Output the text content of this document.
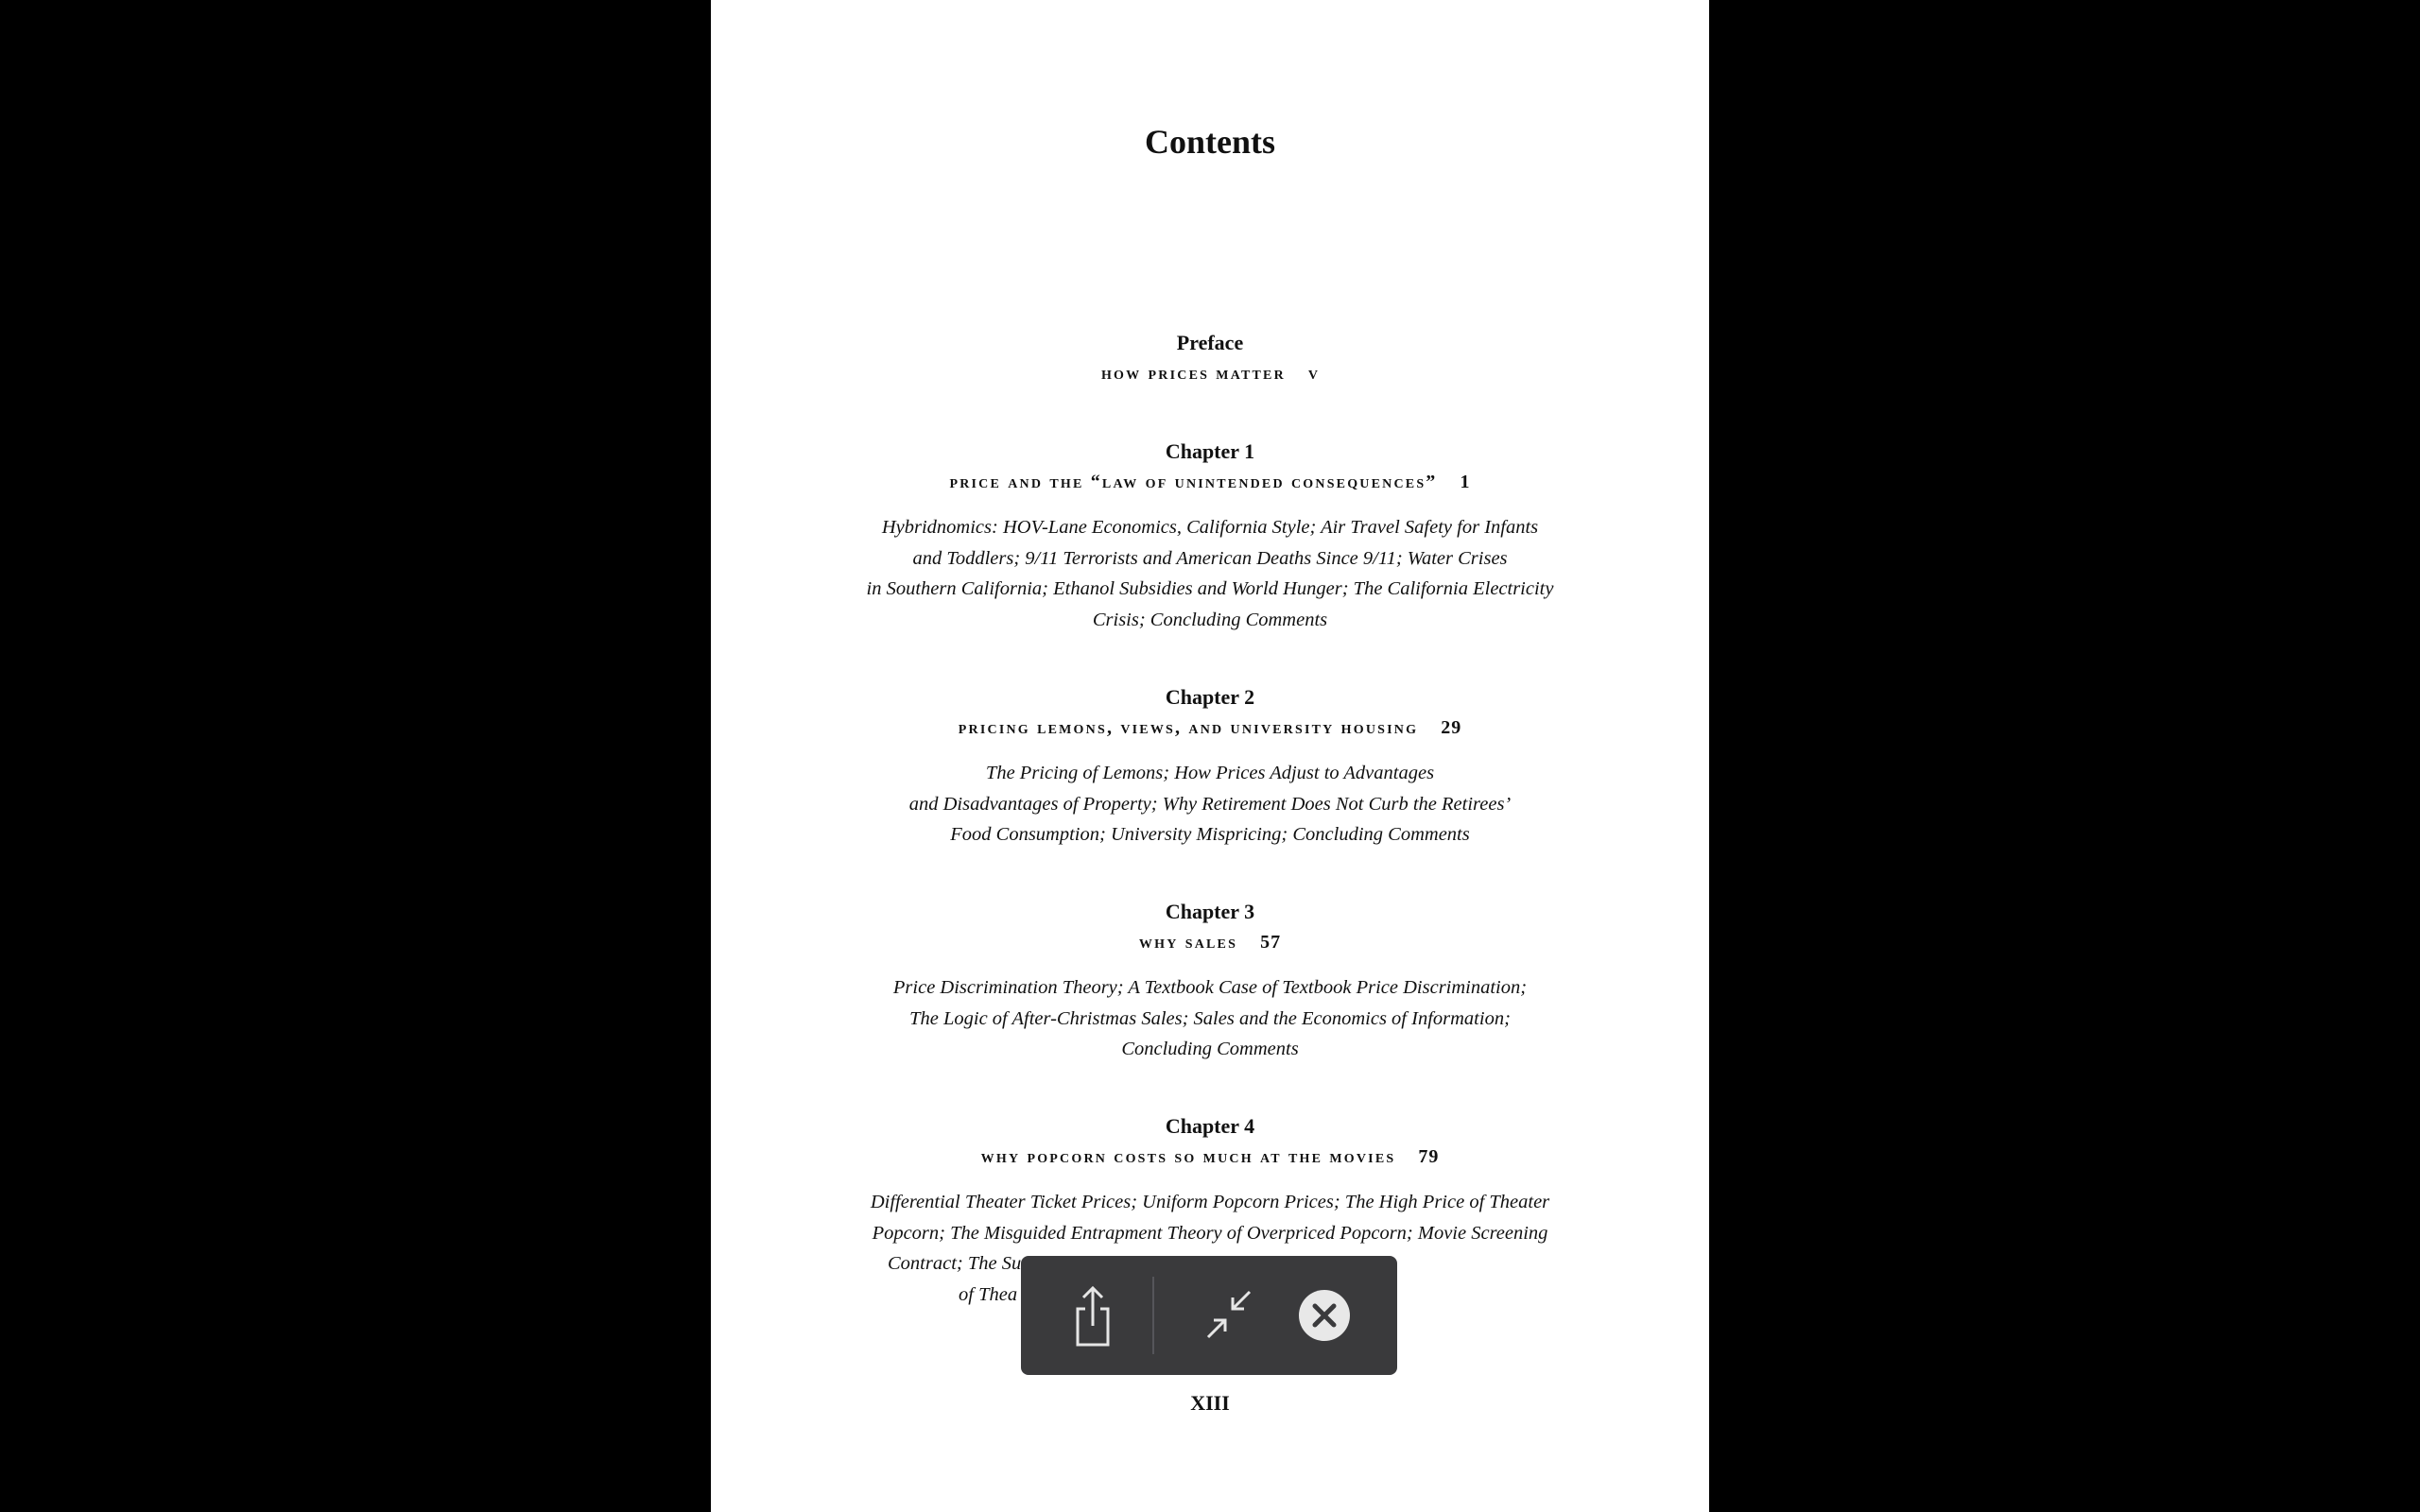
Contents
Preface
how prices matter v
Chapter 1
price and the “law of unintended consequences” 1
Hybridnomics: HOV-Lane Economics, California Style; Air Travel Safety for Infants
and Toddlers; 9/11 Terrorists and American Deaths Since 9/11; Water Crises
in Southern California; Ethanol Subsidies and World Hunger; The California Electricity
Crisis; Concluding Comments
Chapter 2
pricing lemons, views, and university housing 29
The Pricing of Lemons; How Prices Adjust to Advantages
and Disadvantages of Property; Why Retirement Does Not Curb the Retirees’
Food Consumption; University Mispricing; Concluding Comments
Chapter 3
why sales 57
Price Discrimination Theory; A Textbook Case of Textbook Price Discrimination;
The Logic of After-Christmas Sales; Sales and the Economics of Information;
Concluding Comments
Chapter 4
why popcorn costs so much at the movies 79
Differential Theater Ticket Prices; Uniform Popcorn Prices; The High Price of Theater
Popcorn; The Misguided Entrapment Theory of Overpriced Popcorn; Movie Screening
Contract; The Su
of Thea
XIII
